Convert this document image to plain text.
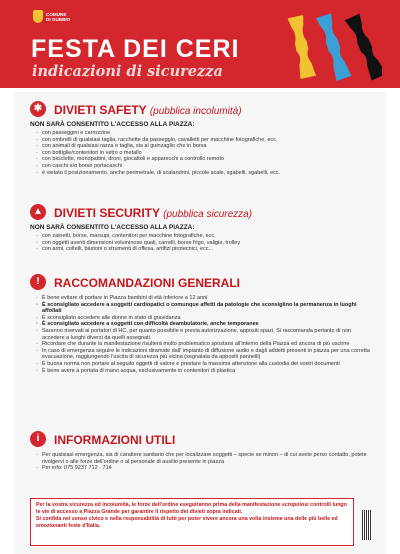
COMUNE
DI GUBBIO
FESTA DEI CERI
indicazioni di sicurezza
✱ DIVIETI SAFETY (pubblica incolumità)
NON SARÀ CONSENTITO L'ACCESSO ALLA PIAZZA:
· con passeggini e carrozzine
· con ombrelli di qualsiasi taglia, racchette da passeggio, cavalletti per macchine fotografiche, ecc.
· con animali di qualsiasi razza e taglia, sia al guinzaglio che in borsa
· con bottiglie/contenitori in vetro o metallo
· con biciclette, monopattini, droni, giocattoli e apparecchi a controllo remoto
· con caschi e/o borse portacaschi
· è vietato il posizionamento, anche perimetrale, di scalandrini, piccole scale, sgabelli, sgabelli, ecc.
▲ DIVIETI SECURITY (pubblica sicurezza)
NON SARÀ CONSENTITO L'ACCESSO ALLA PIAZZA:
· con zainetti, borse, marsupi, contenitori per macchine fotografiche, ecc.
· con oggetti aventi dimensioni voluminose quali, carrelli, borse frigo, valigie, trolley
· con armi, coltelli, bastoni o strumenti di offesa, artifizi pirotecnici, ecc...
!	RACCOMANDAZIONI GENERALI
· È bene evitare di portare in Piazza bambini di età inferiore a 12 anni
· È sconsigliato accedere a soggetti cardiopatici o comunque affetti da patologie che sconsiglino la permanenza in luoghi affollati
· È sconsigliato accedere alle donne in stato di gravidanza
· È sconsigliato accedere a soggetti con difficoltà deambulatorie, anche temporanee
· Saranno riservati ai portatori di HC, per quanto possibile e previa autorizzazione, appositi spazi. Si raccomanda pertanto di non accedere a luoghi diversi da quelli assegnati.
· Ricordare che durante la manifestazione risulterà molto problematico spostarsi all'interno della Piazza ed ancora di più uscirne
· In caso di emergenza seguire le indicazioni diramate dall' impianto di diffusione audio e dagli addetti presenti in piazza per una corretta evacuazione, raggiungendo l'uscita di sicurezza più vicina (segnalata da appositi pannelli)
· È buona norma non portare al seguito oggetti di valore e prestare la massima attenzione alla custodia dei vostri documenti
· È bene avere a portata di mano acqua, esclusivamente in contenitori di plastica
i	INFORMAZIONI UTILI
· Per qualsiasi emergenza, sia di carattere sanitario che per localizzare soggetti – specie se minori – di cui avete perso contatto, potete rivolgervi o alle forze dell'ordine o al personale di ausilio presente in piazza
· Per info: 075 9237 712 - 714

Per la vostra sicurezza ed incolumità, le forze dell'ordine eseguiranno prima della manifestazione scrupolosi controlli lungo le vie di accesso a Piazza Grande per garantire il rispetto dei divieti sopra indicati.

Si confida nel senso civico e nella responsabilità di tutti per poter vivere ancora una volta insieme una delle più belle ed emozionanti feste d'Italia.
